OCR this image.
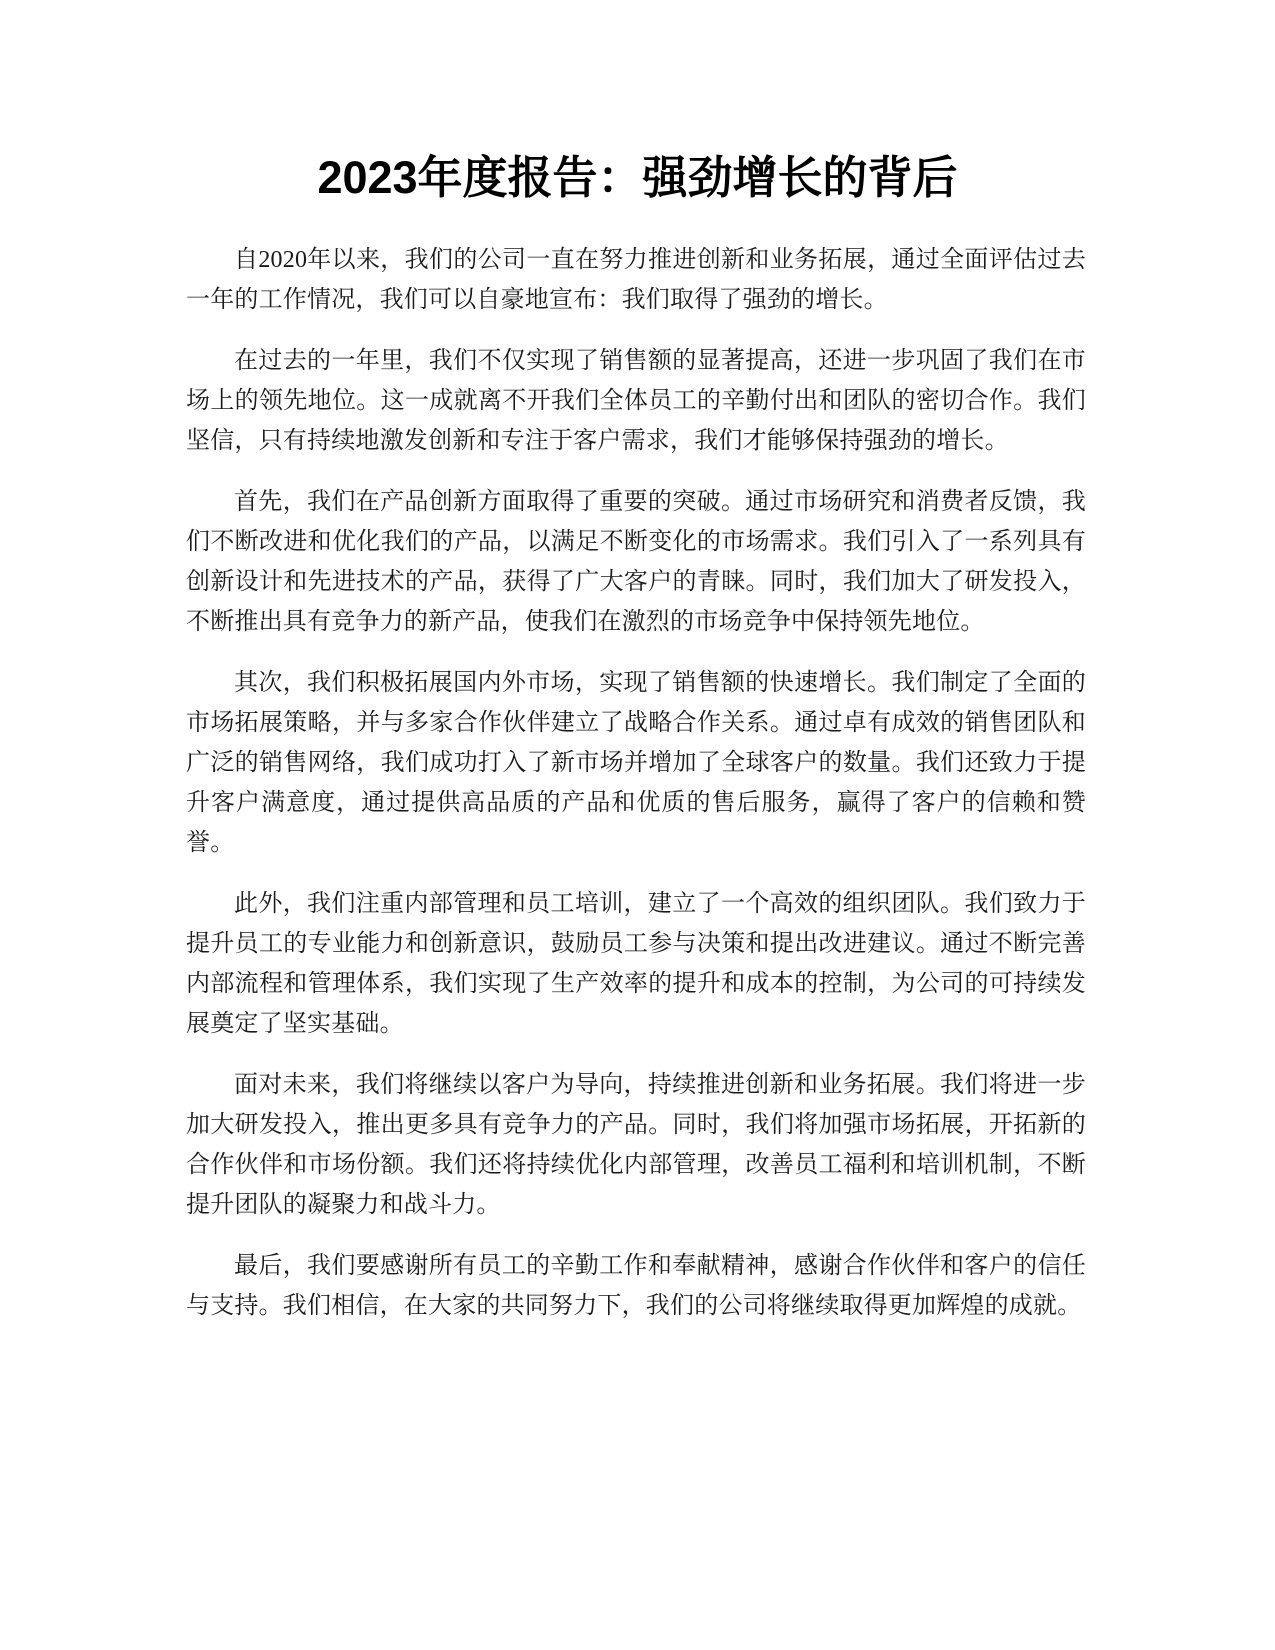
2023年度报告：强劲增长的背后

自2020年以来，我们的公司一直在努力推进创新和业务拓展，通过全面评估过去一年的工作情况，我们可以自豪地宣布：我们取得了强劲的增长。

在过去的一年里，我们不仅实现了销售额的显著提高，还进一步巩固了我们在市场上的领先地位。这一成就离不开我们全体员工的辛勤付出和团队的密切合作。我们坚信，只有持续地激发创新和专注于客户需求，我们才能够保持强劲的增长。

首先，我们在产品创新方面取得了重要的突破。通过市场研究和消费者反馈，我们不断改进和优化我们的产品，以满足不断变化的市场需求。我们引入了一系列具有创新设计和先进技术的产品，获得了广大客户的青睐。同时，我们加大了研发投入，不断推出具有竞争力的新产品，使我们在激烈的市场竞争中保持领先地位。

其次，我们积极拓展国内外市场，实现了销售额的快速增长。我们制定了全面的市场拓展策略，并与多家合作伙伴建立了战略合作关系。通过卓有成效的销售团队和广泛的销售网络，我们成功打入了新市场并增加了全球客户的数量。我们还致力于提升客户满意度，通过提供高品质的产品和优质的售后服务，赢得了客户的信赖和赞誉。

此外，我们注重内部管理和员工培训，建立了一个高效的组织团队。我们致力于提升员工的专业能力和创新意识，鼓励员工参与决策和提出改进建议。通过不断完善内部流程和管理体系，我们实现了生产效率的提升和成本的控制，为公司的可持续发展奠定了坚实基础。

面对未来，我们将继续以客户为导向，持续推进创新和业务拓展。我们将进一步加大研发投入，推出更多具有竞争力的产品。同时，我们将加强市场拓展，开拓新的合作伙伴和市场份额。我们还将持续优化内部管理，改善员工福利和培训机制，不断提升团队的凝聚力和战斗力。

最后，我们要感谢所有员工的辛勤工作和奉献精神，感谢合作伙伴和客户的信任与支持。我们相信，在大家的共同努力下，我们的公司将继续取得更加辉煌的成就。
